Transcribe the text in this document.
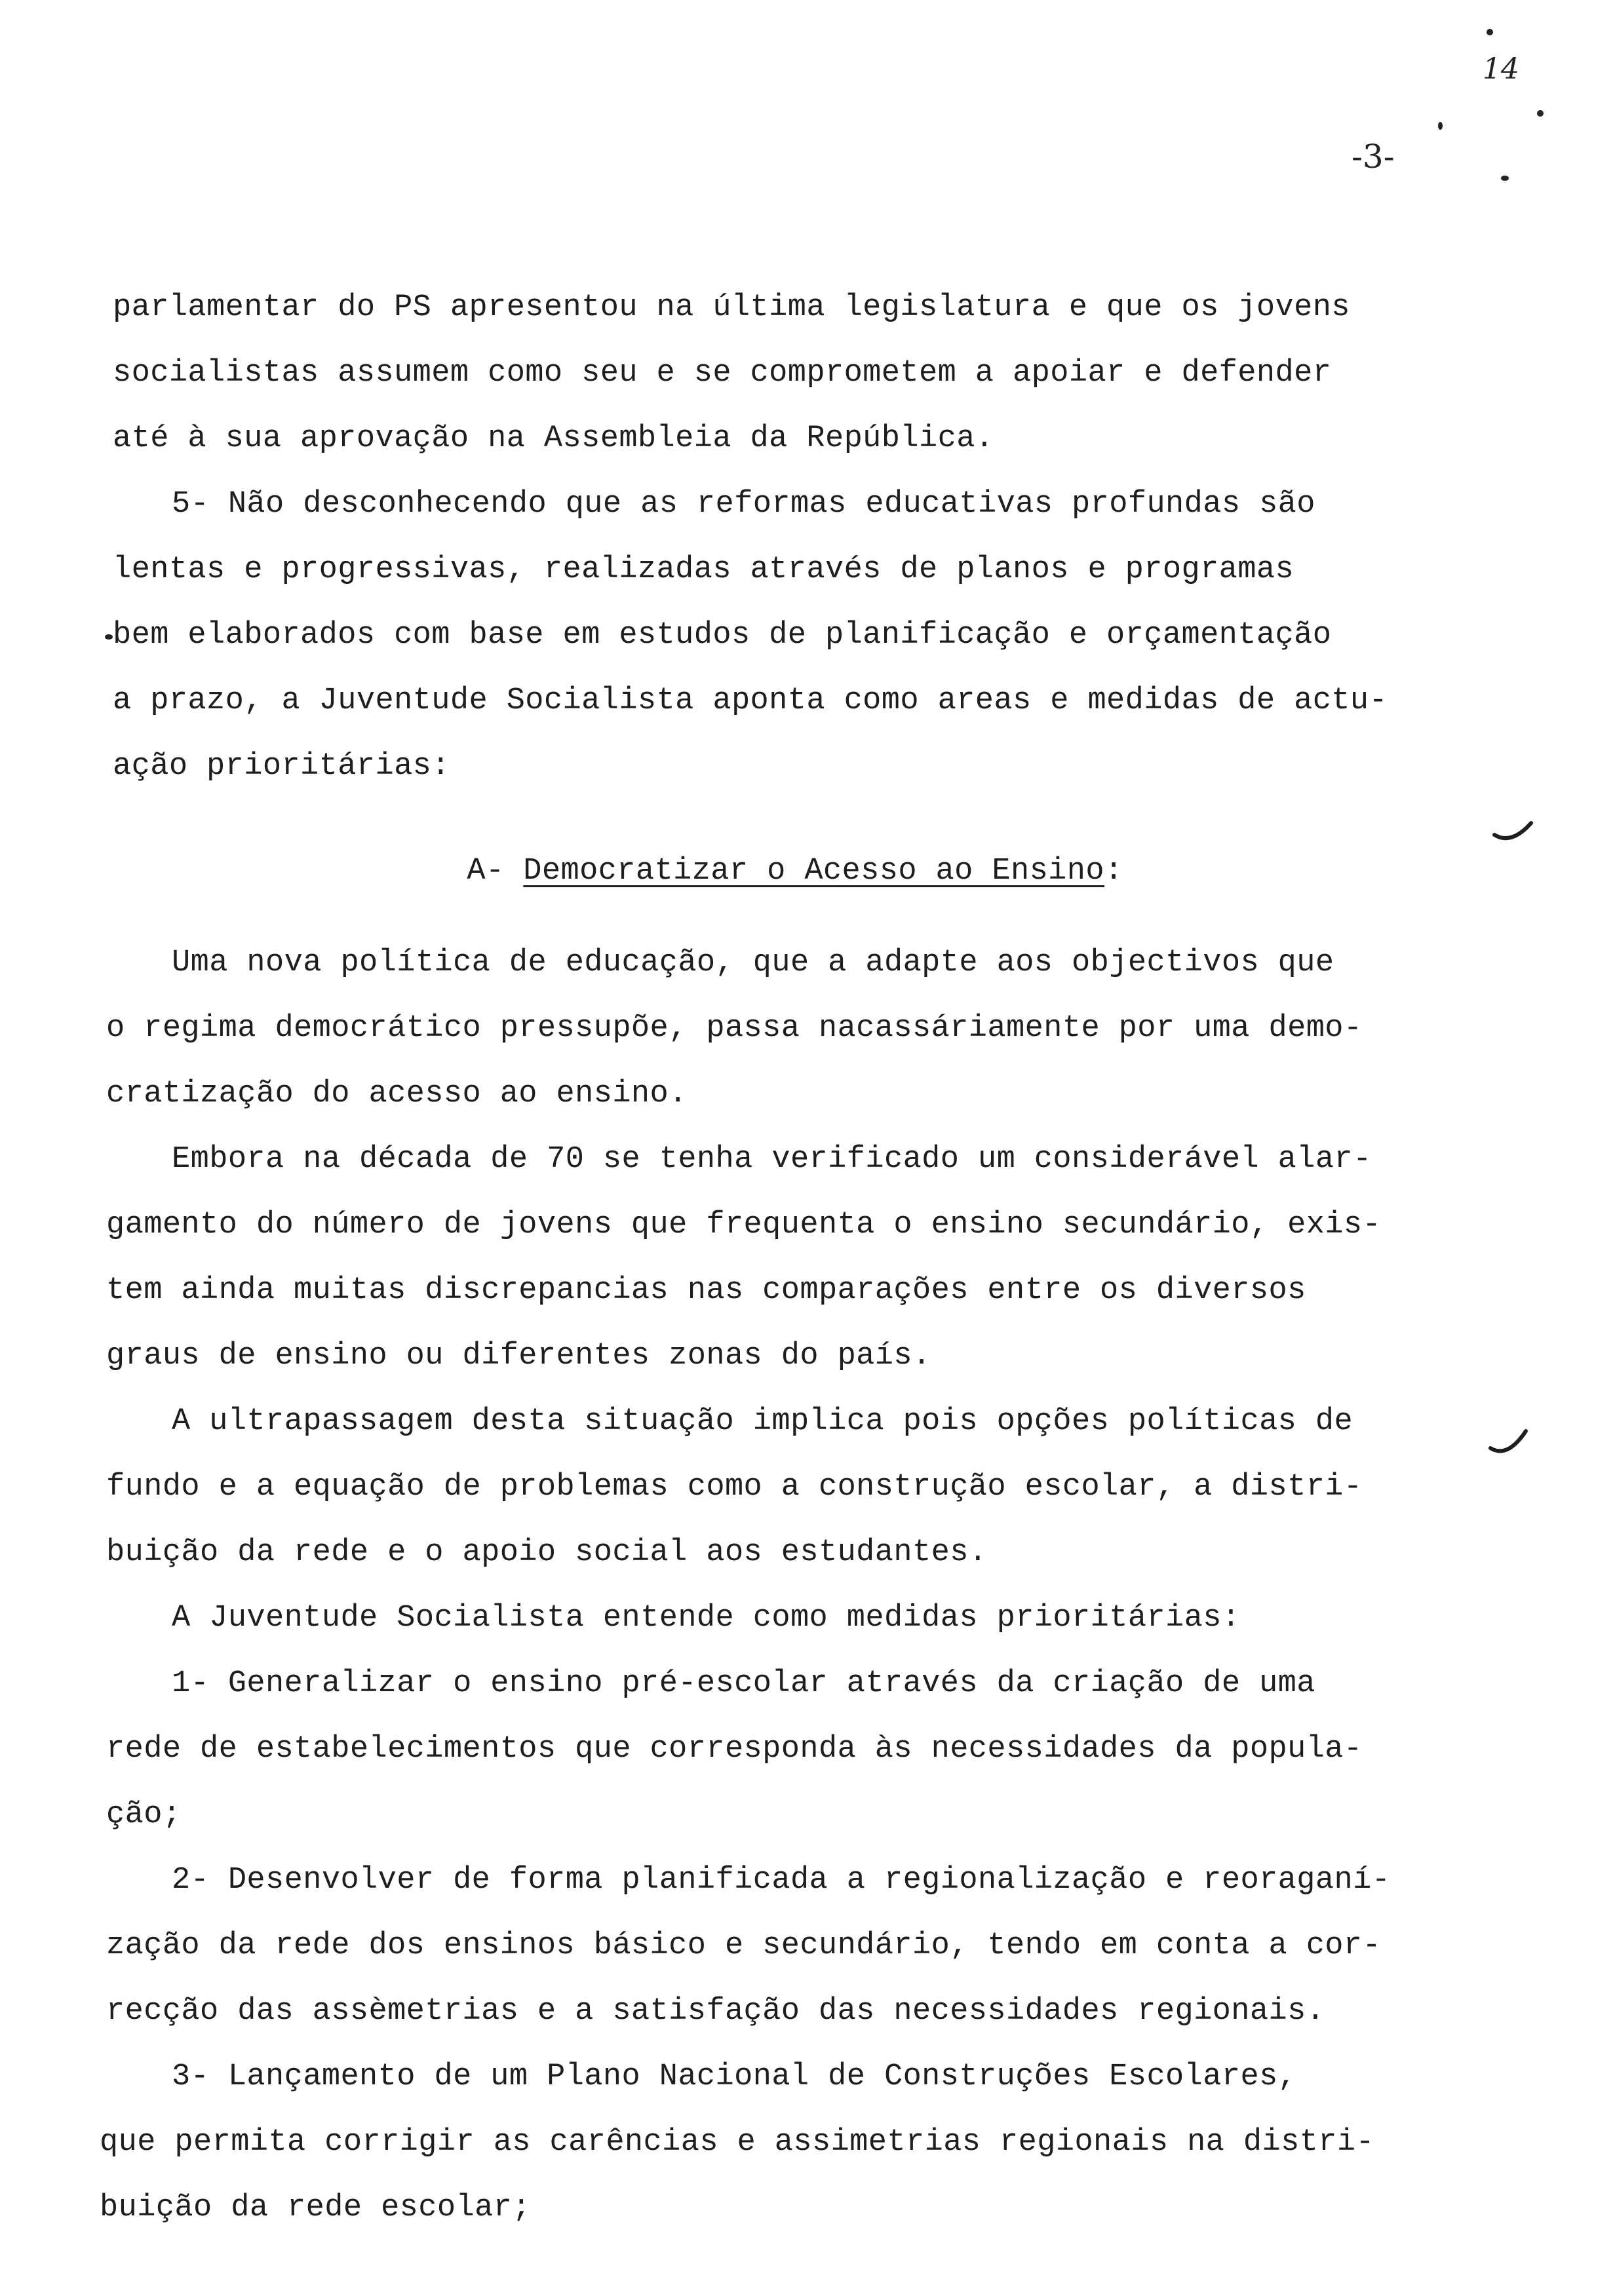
14
-3-
parlamentar do PS apresentou na última legislatura e que os jovens
socialistas assumem como seu e se comprometem a apoiar e defender
até à sua aprovação na Assembleia da República.
5- Não desconhecendo que as reformas educativas profundas são
lentas e progressivas, realizadas através de planos e programas
bem elaborados com base em estudos de planificação e orçamentação
a prazo, a Juventude Socialista aponta como areas e medidas de actu-
ação prioritárias:

A- Democratizar o Acesso ao Ensino:

Uma nova política de educação, que a adapte aos objectivos que
o regima democrático pressupõe, passa nacassáriamente por uma demo-
cratização do acesso ao ensino.
Embora na década de 70 se tenha verificado um considerável alar-
gamento do número de jovens que frequenta o ensino secundário, exis-
tem ainda muitas discrepancias nas comparações entre os diversos
graus de ensino ou diferentes zonas do país.
A ultrapassagem desta situação implica pois opções políticas de
fundo e a equação de problemas como a construção escolar, a distri-
buição da rede e o apoio social aos estudantes.
A Juventude Socialista entende como medidas prioritárias:
1- Generalizar o ensino pré-escolar através da criação de uma
rede de estabelecimentos que corresponda às necessidades da popula-
ção;
2- Desenvolver de forma planificada a regionalização e reoraganí-
zação da rede dos ensinos básico e secundário, tendo em conta a cor-
recção das assèmetrias e a satisfação das necessidades regionais.
3- Lançamento de um Plano Nacional de Construções Escolares,
que permita corrigir as carências e assimetrias regionais na distri-
buição da rede escolar;
